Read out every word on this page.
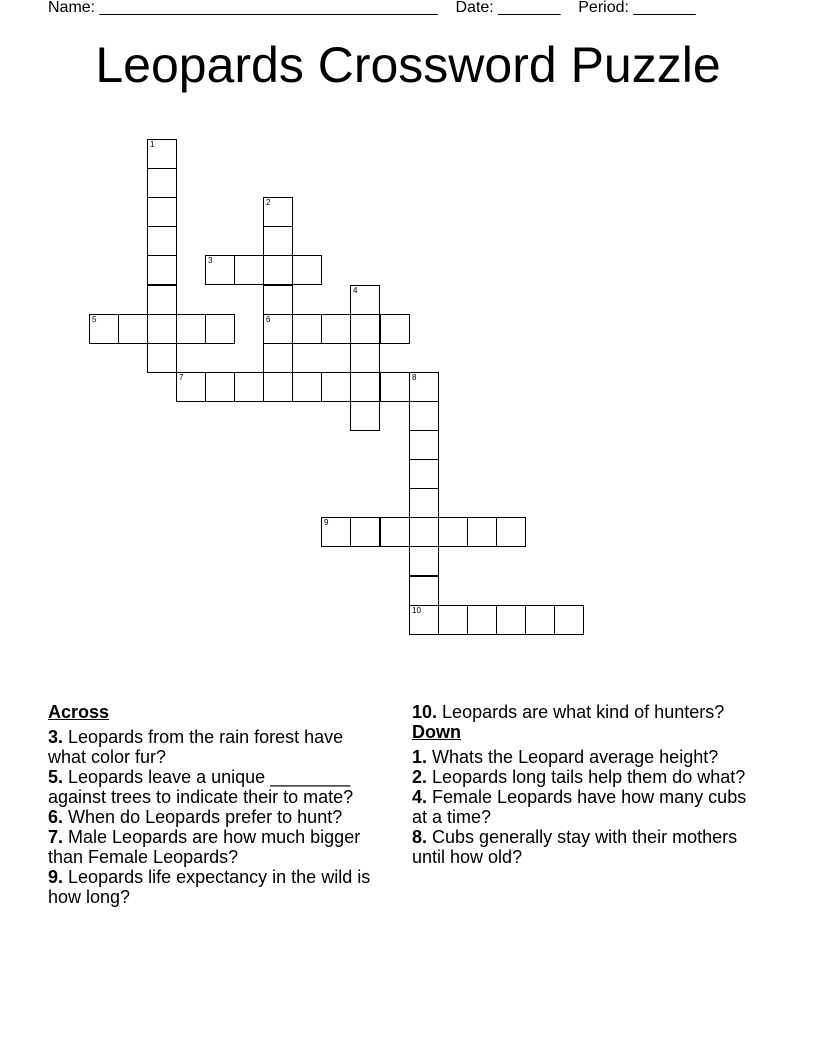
Name: ______________________________________    Date: _______    Period: _______
Leopards Crossword Puzzle
1
2
3
4
5	6
7	8
9
10
Across
3. Leopards from the rain forest have what color fur?
5. Leopards leave a unique ________ against trees to indicate their to mate?
6. When do Leopards prefer to hunt?
7. Male Leopards are how much bigger than Female Leopards?
9. Leopards life expectancy in the wild is how long?
10. Leopards are what kind of hunters?
Down
1. Whats the Leopard average height?
2. Leopards long tails help them do what?
4. Female Leopards have how many cubs at a time?
8. Cubs generally stay with their mothers until how old?
